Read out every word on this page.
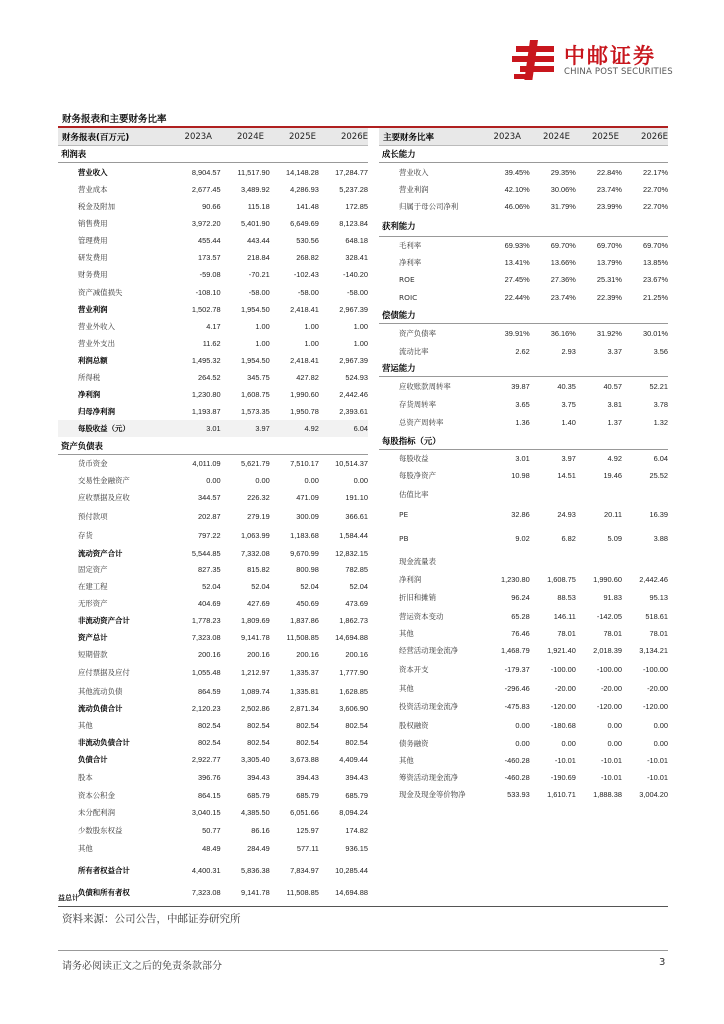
中邮证券
CHINA POST SECURITIES
财务报表和主要财务比率
财务报表(百万元)	2023A	2024E	2025E	2026E
利润表
营业收入	8,904.57	11,517.90	14,148.28	17,284.77
营业成本	2,677.45	3,489.92	4,286.93	5,237.28
税金及附加	90.66	115.18	141.48	172.85
销售费用	3,972.20	5,401.90	6,649.69	8,123.84
管理费用	455.44	443.44	530.56	648.18
研发费用	173.57	218.84	268.82	328.41
财务费用	-59.08	-70.21	-102.43	-140.20
资产减值损失	-108.10	-58.00	-58.00	-58.00
营业利润	1,502.78	1,954.50	2,418.41	2,967.39
营业外收入	4.17	1.00	1.00	1.00
营业外支出	11.62	1.00	1.00	1.00
利润总额	1,495.32	1,954.50	2,418.41	2,967.39
所得税	264.52	345.75	427.82	524.93
净利润	1,230.80	1,608.75	1,990.60	2,442.46
归母净利润	1,193.87	1,573.35	1,950.78	2,393.61
每股收益（元）	3.01	3.97	4.92	6.04
资产负债表
货币资金	4,011.09	5,621.79	7,510.17	10,514.37
交易性金融资产	0.00	0.00	0.00	0.00
应收票据及应收	344.57	226.32	471.09	191.10
预付款项	202.87	279.19	300.09	366.61
存货	797.22	1,063.99	1,183.68	1,584.44
流动资产合计	5,544.85	7,332.08	9,670.99	12,832.15
固定资产	827.35	815.82	800.98	782.85
在建工程	52.04	52.04	52.04	52.04
无形资产	404.69	427.69	450.69	473.69
非流动资产合计	1,778.23	1,809.69	1,837.86	1,862.73
资产总计	7,323.08	9,141.78	11,508.85	14,694.88
短期借款	200.16	200.16	200.16	200.16
应付票据及应付	1,055.48	1,212.97	1,335.37	1,777.90
其他流动负债	864.59	1,089.74	1,335.81	1,628.85
流动负债合计	2,120.23	2,502.86	2,871.34	3,606.90
其他	802.54	802.54	802.54	802.54
非流动负债合计	802.54	802.54	802.54	802.54
负债合计	2,922.77	3,305.40	3,673.88	4,409.44
股本	396.76	394.43	394.43	394.43
资本公积金	864.15	685.79	685.79	685.79
未分配利润	3,040.15	4,385.50	6,051.66	8,094.24
少数股东权益	50.77	86.16	125.97	174.82
其他	48.49	284.49	577.11	936.15
所有者权益合计	4,400.31	5,836.38	7,834.97	10,285.44
负债和所有者权	7,323.08	9,141.78	11,508.85	14,694.88
主要财务比率	2023A	2024E	2025E	2026E
成长能力
营业收入	39.45%	29.35%	22.84%	22.17%
营业利润	42.10%	30.06%	23.74%	22.70%
归属于母公司净利	46.06%	31.79%	23.99%	22.70%
获利能力
毛利率	69.93%	69.70%	69.70%	69.70%
净利率	13.41%	13.66%	13.79%	13.85%
ROE	27.45%	27.36%	25.31%	23.67%
ROIC	22.44%	23.74%	22.39%	21.25%
偿债能力
资产负债率	39.91%	36.16%	31.92%	30.01%
流动比率	2.62	2.93	3.37	3.56
营运能力
应收账款周转率	39.87	40.35	40.57	52.21
存货周转率	3.65	3.75	3.81	3.78
总资产周转率	1.36	1.40	1.37	1.32
每股指标（元）
每股收益	3.01	3.97	4.92	6.04
每股净资产	10.98	14.51	19.46	25.52
估值比率
PE	32.86	24.93	20.11	16.39
PB	9.02	6.82	5.09	3.88
现金流量表
净利润	1,230.80	1,608.75	1,990.60	2,442.46
折旧和摊销	96.24	88.53	91.83	95.13
营运资本变动	65.28	146.11	-142.05	518.61
其他	76.46	78.01	78.01	78.01
经营活动现金流净	1,468.79	1,921.40	2,018.39	3,134.21
资本开支	-179.37	-100.00	-100.00	-100.00
其他	-296.46	-20.00	-20.00	-20.00
投资活动现金流净	-475.83	-120.00	-120.00	-120.00
股权融资	0.00	-180.68	0.00	0.00
债务融资	0.00	0.00	0.00	0.00
其他	-460.28	-10.01	-10.01	-10.01
筹资活动现金流净	-460.28	-190.69	-10.01	-10.01
现金及现金等价物净	533.93	1,610.71	1,888.38	3,004.20
益总计
资料来源：公司公告，中邮证券研究所
请务必阅读正文之后的免责条款部分	3
